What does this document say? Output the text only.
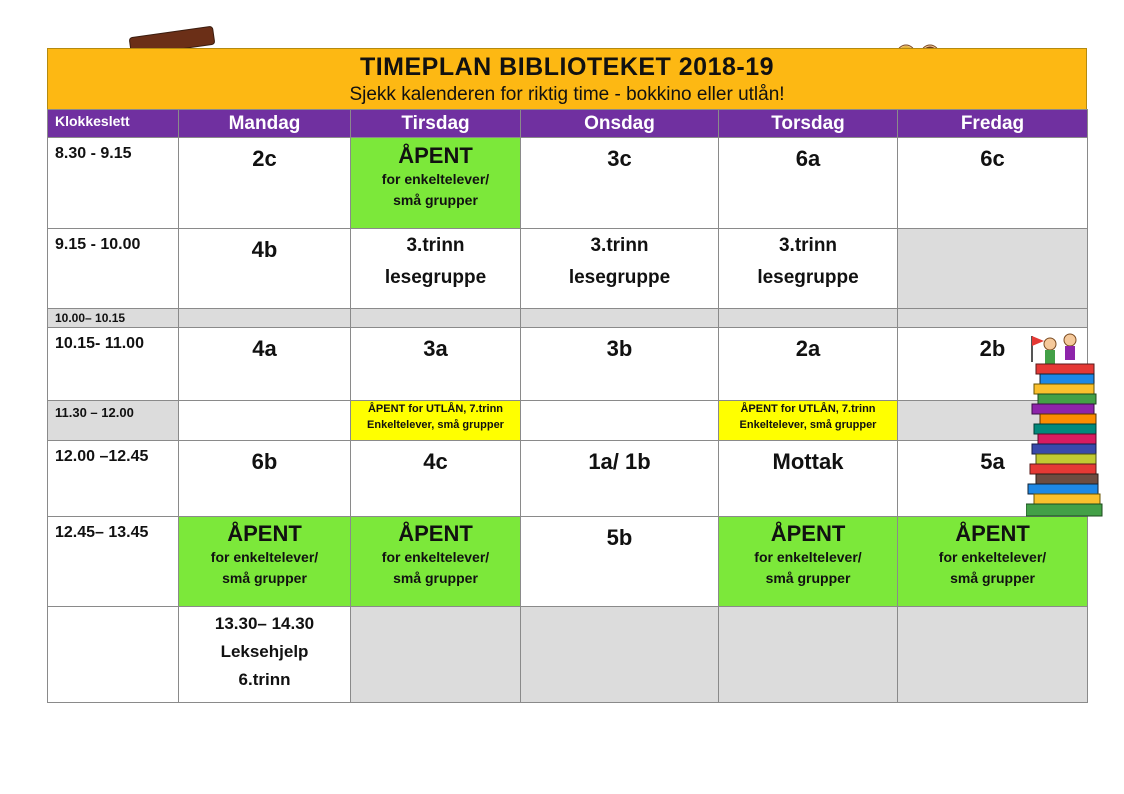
TIMEPLAN BIBLIOTEKET 2018-19
Sjekk kalenderen for riktig time - bokkino eller utlån!
Klokkeslett	Mandag	Tirsdag	Onsdag	Torsdag	Fredag
8.30 - 9.15	2c	ÅPENT
for enkeltelever/
små grupper	3c	6a	6c

9.15 - 10.00	4b	3.trinn
lesegruppe	3.trinn
lesegruppe	3.trinn
lesegruppe	

10.00– 10.15					
10.15- 11.00	4a	3a	3b	2a	2b

11.30 – 12.00		ÅPENT for UTLÅN, 7.trinn
Enkeltelever, små grupper		ÅPENT for UTLÅN, 7.trinn
Enkeltelever, små grupper	

12.00 –12.45	6b	4c	1a/ 1b	Mottak	5a

12.45– 13.45	ÅPENT
for enkeltelever/
små grupper	ÅPENT
for enkeltelever/
små grupper	5b	ÅPENT
for enkeltelever/
små grupper	ÅPENT
for enkeltelever/
små grupper

	13.30– 14.30
Leksehjelp
6.trinn				
